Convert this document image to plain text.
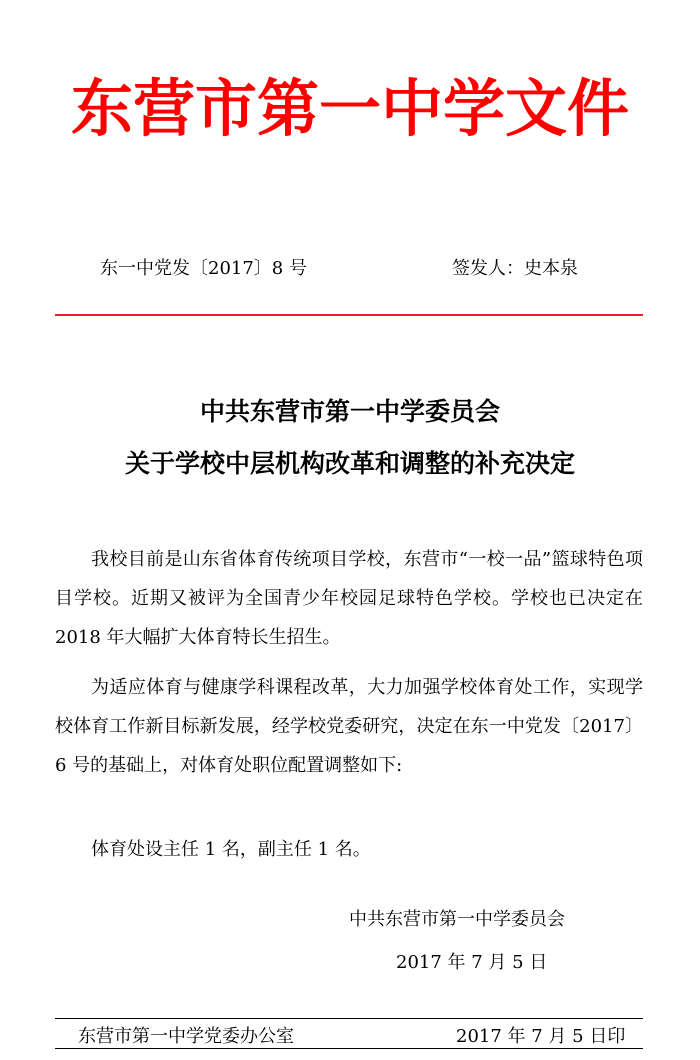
东营市第一中学文件
东一中党发〔2017〕8 号	签发人：史本泉
中共东营市第一中学委员会
关于学校中层机构改革和调整的补充决定

我校目前是山东省体育传统项目学校，东营市“一校一品”篮球特色项目学校。近期又被评为全国青少年校园足球特色学校。学校也已决定在 2018 年大幅扩大体育特长生招生。

为适应体育与健康学科课程改革，大力加强学校体育处工作，实现学校体育工作新目标新发展，经学校党委研究，决定在东一中党发〔2017〕6 号的基础上，对体育处职位配置调整如下:

体育处设主任 1 名，副主任 1 名。

中共东营市第一中学委员会
2017 年 7 月 5 日
东营市第一中学党委办公室	2017 年 7 月 5 日印
